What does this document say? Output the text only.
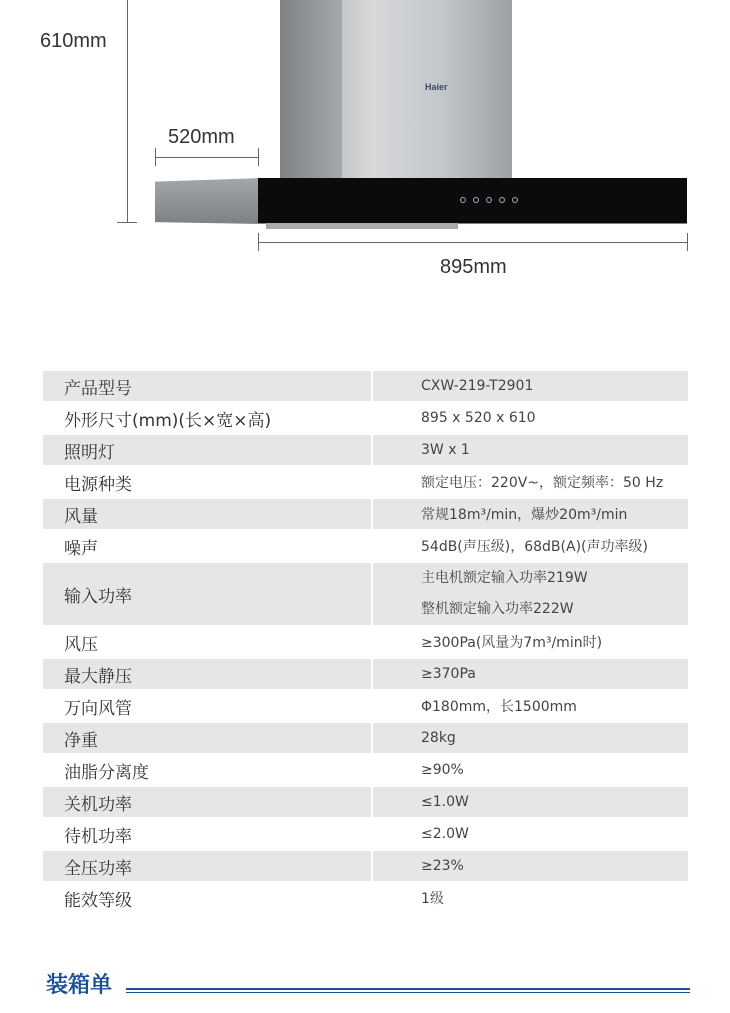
610mm
520mm
Haier
895mm
产品型号		CXW-219-T2901
外形尺寸(mm)(长×宽×高)		895 x 520 x 610
照明灯		3W x 1
电源种类		额定电压：220V~，额定频率：50 Hz
风量		常规18m³/min，爆炒20m³/min
噪声		54dB(声压级)，68dB(A)(声功率级)
输入功率		主电机额定输入功率219W
整机额定输入功率222W

风压		≥300Pa(风量为7m³/min时)
最大静压		≥370Pa
万向风管		Φ180mm，长1500mm
净重		28kg
油脂分离度		≥90%
关机功率		≤1.0W
待机功率		≤2.0W
全压功率		≥23%
能效等级		1级
装箱单
